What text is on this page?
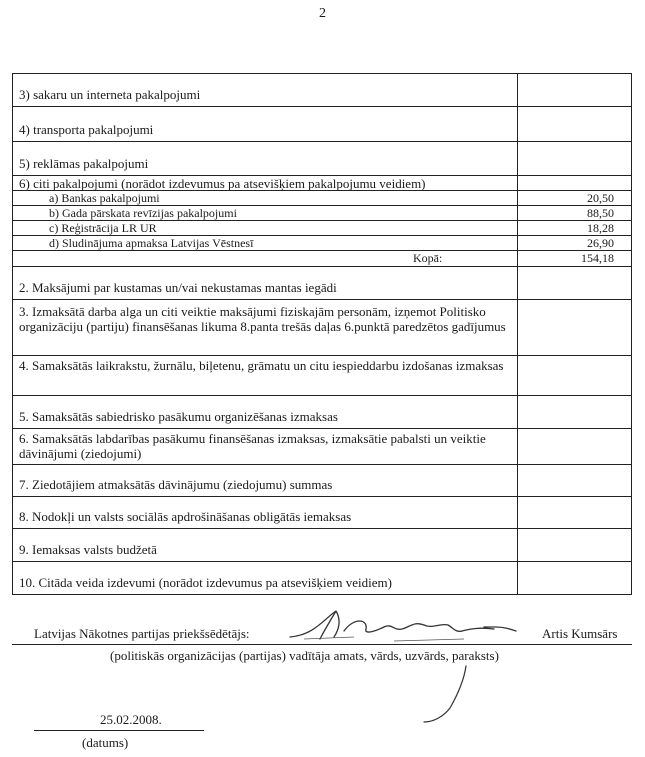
2
3) sakaru un interneta pakalpojumi
4) transporta pakalpojumi
5) reklāmas pakalpojumi
6) citi pakalpojumi (norādot izdevumus pa atsevišķiem pakalpojumu veidiem)
a) Bankas pakalpojumi	20,50
b) Gada pārskata revīzijas pakalpojumi	88,50
c) Reģistrācija LR UR	18,28
d) Sludinājuma apmaksa Latvijas Vēstnesī	26,90
Kopā:	154,18
2. Maksājumi par kustamas un/vai nekustamas mantas iegādi
3. Izmaksātā darba alga un citi veiktie maksājumi fiziskajām personām, izņemot Politisko organizāciju (partiju) finansēšanas likuma 8.panta trešās daļas 6.punktā paredzētos gadījumus
4. Samaksātās laikrakstu, žurnālu, biļetenu, grāmatu un citu iespieddarbu izdošanas izmaksas
5. Samaksātās sabiedrisko pasākumu organizēšanas izmaksas
6. Samaksātās labdarības pasākumu finansēšanas izmaksas, izmaksātie pabalsti un veiktie dāvinājumi (ziedojumi)
7. Ziedotājiem atmaksātās dāvinājumu (ziedojumu) summas
8. Nodokļi un valsts sociālās apdrošināšanas obligātās iemaksas
9. Iemaksas valsts budžetā
10. Citāda veida izdevumi (norādot izdevumus pa atsevišķiem veidiem)
Latvijas Nākotnes partijas priekšsēdētājs:	Artis Kumsārs
(politiskās organizācijas (partijas) vadītāja amats, vārds, uzvārds, paraksts)
25.02.2008.
(datums)
